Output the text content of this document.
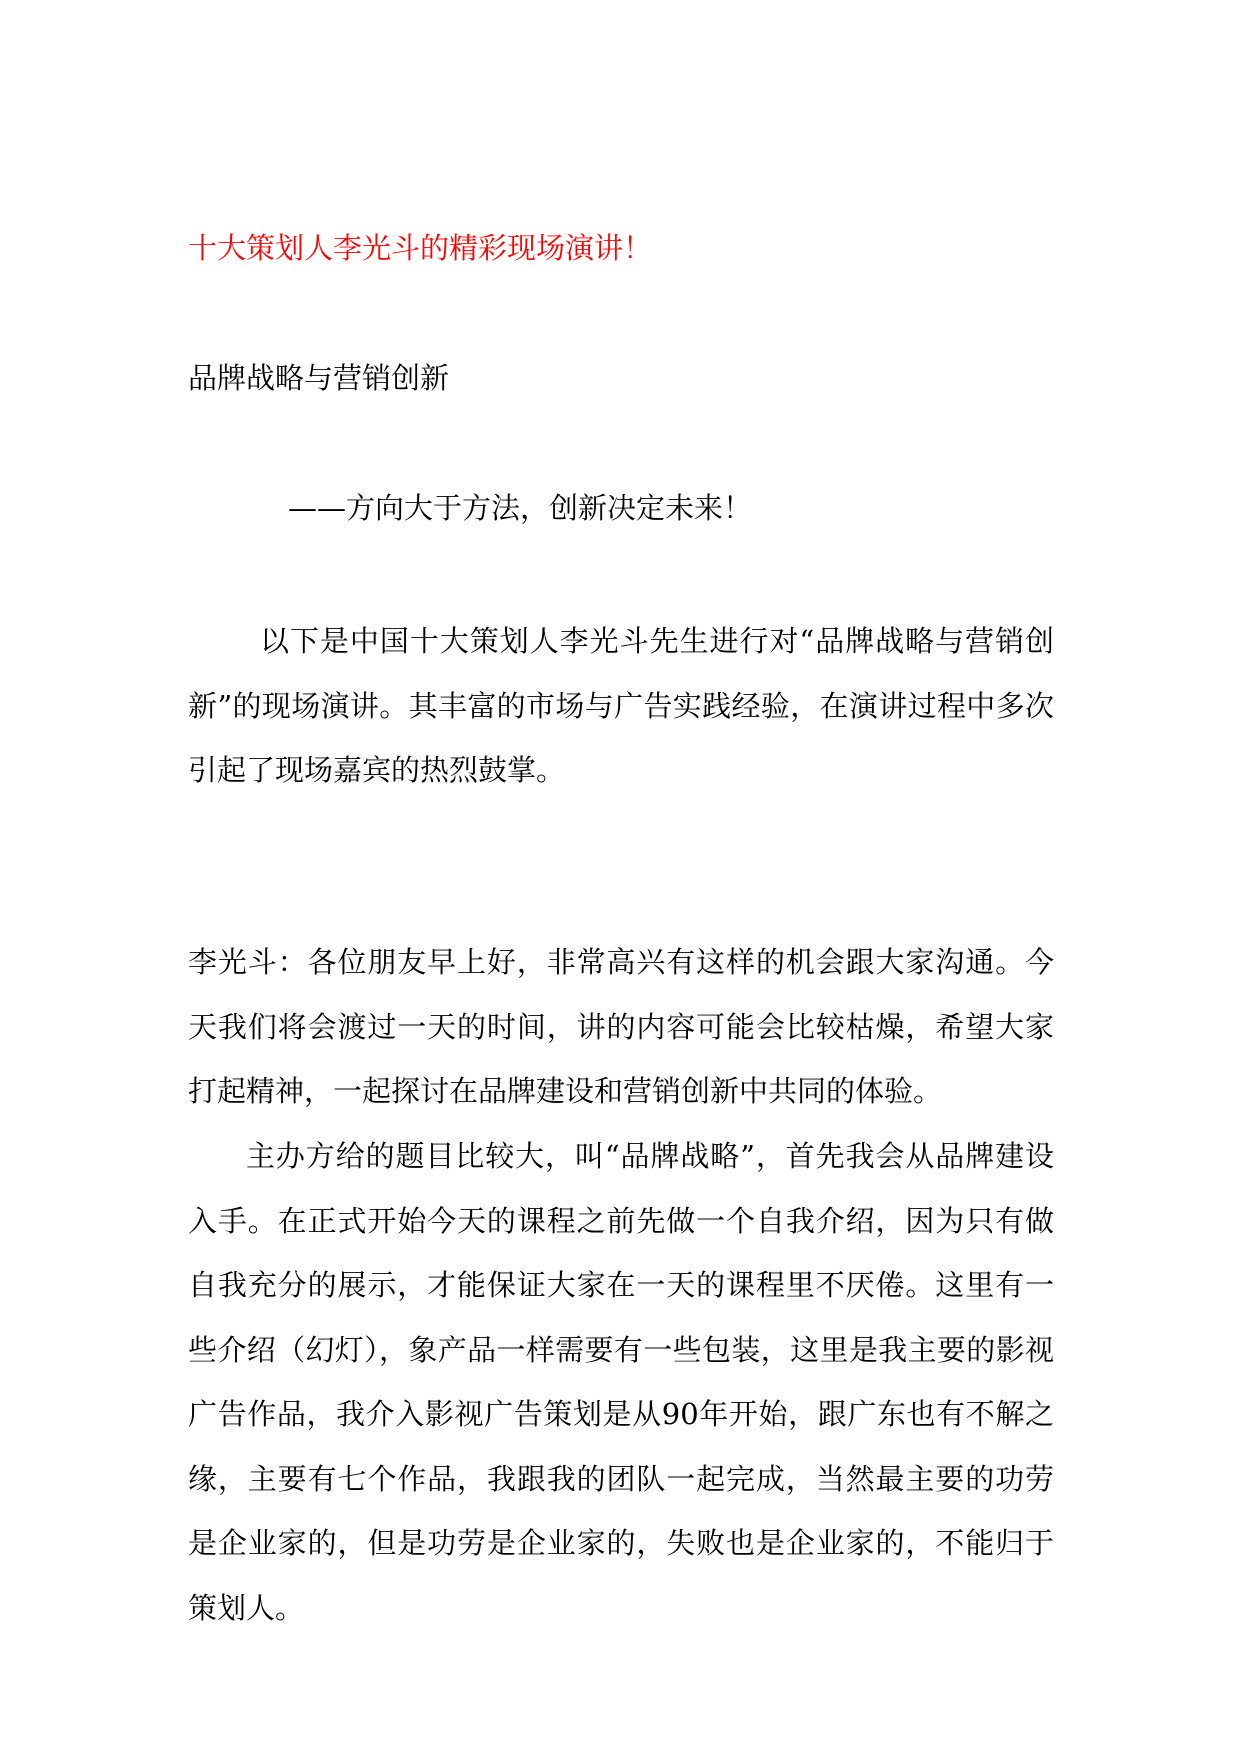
十大策划人李光斗的精彩现场演讲！
品牌战略与营销创新
——方向大于方法，创新决定未来！

以下是中国十大策划人李光斗先生进行对“品牌战略与营销创新”的现场演讲。其丰富的市场与广告实践经验，在演讲过程中多次引起了现场嘉宾的热烈鼓掌。

李光斗：各位朋友早上好，非常高兴有这样的机会跟大家沟通。今天我们将会渡过一天的时间，讲的内容可能会比较枯燥，希望大家打起精神，一起探讨在品牌建设和营销创新中共同的体验。

主办方给的题目比较大，叫“品牌战略”，首先我会从品牌建设入手。在正式开始今天的课程之前先做一个自我介绍，因为只有做自我充分的展示，才能保证大家在一天的课程里不厌倦。这里有一些介绍（幻灯），象产品一样需要有一些包装，这里是我主要的影视广告作品，我介入影视广告策划是从90年开始，跟广东也有不解之缘，主要有七个作品，我跟我的团队一起完成，当然最主要的功劳是企业家的，但是功劳是企业家的，失败也是企业家的，不能归于策划人。
